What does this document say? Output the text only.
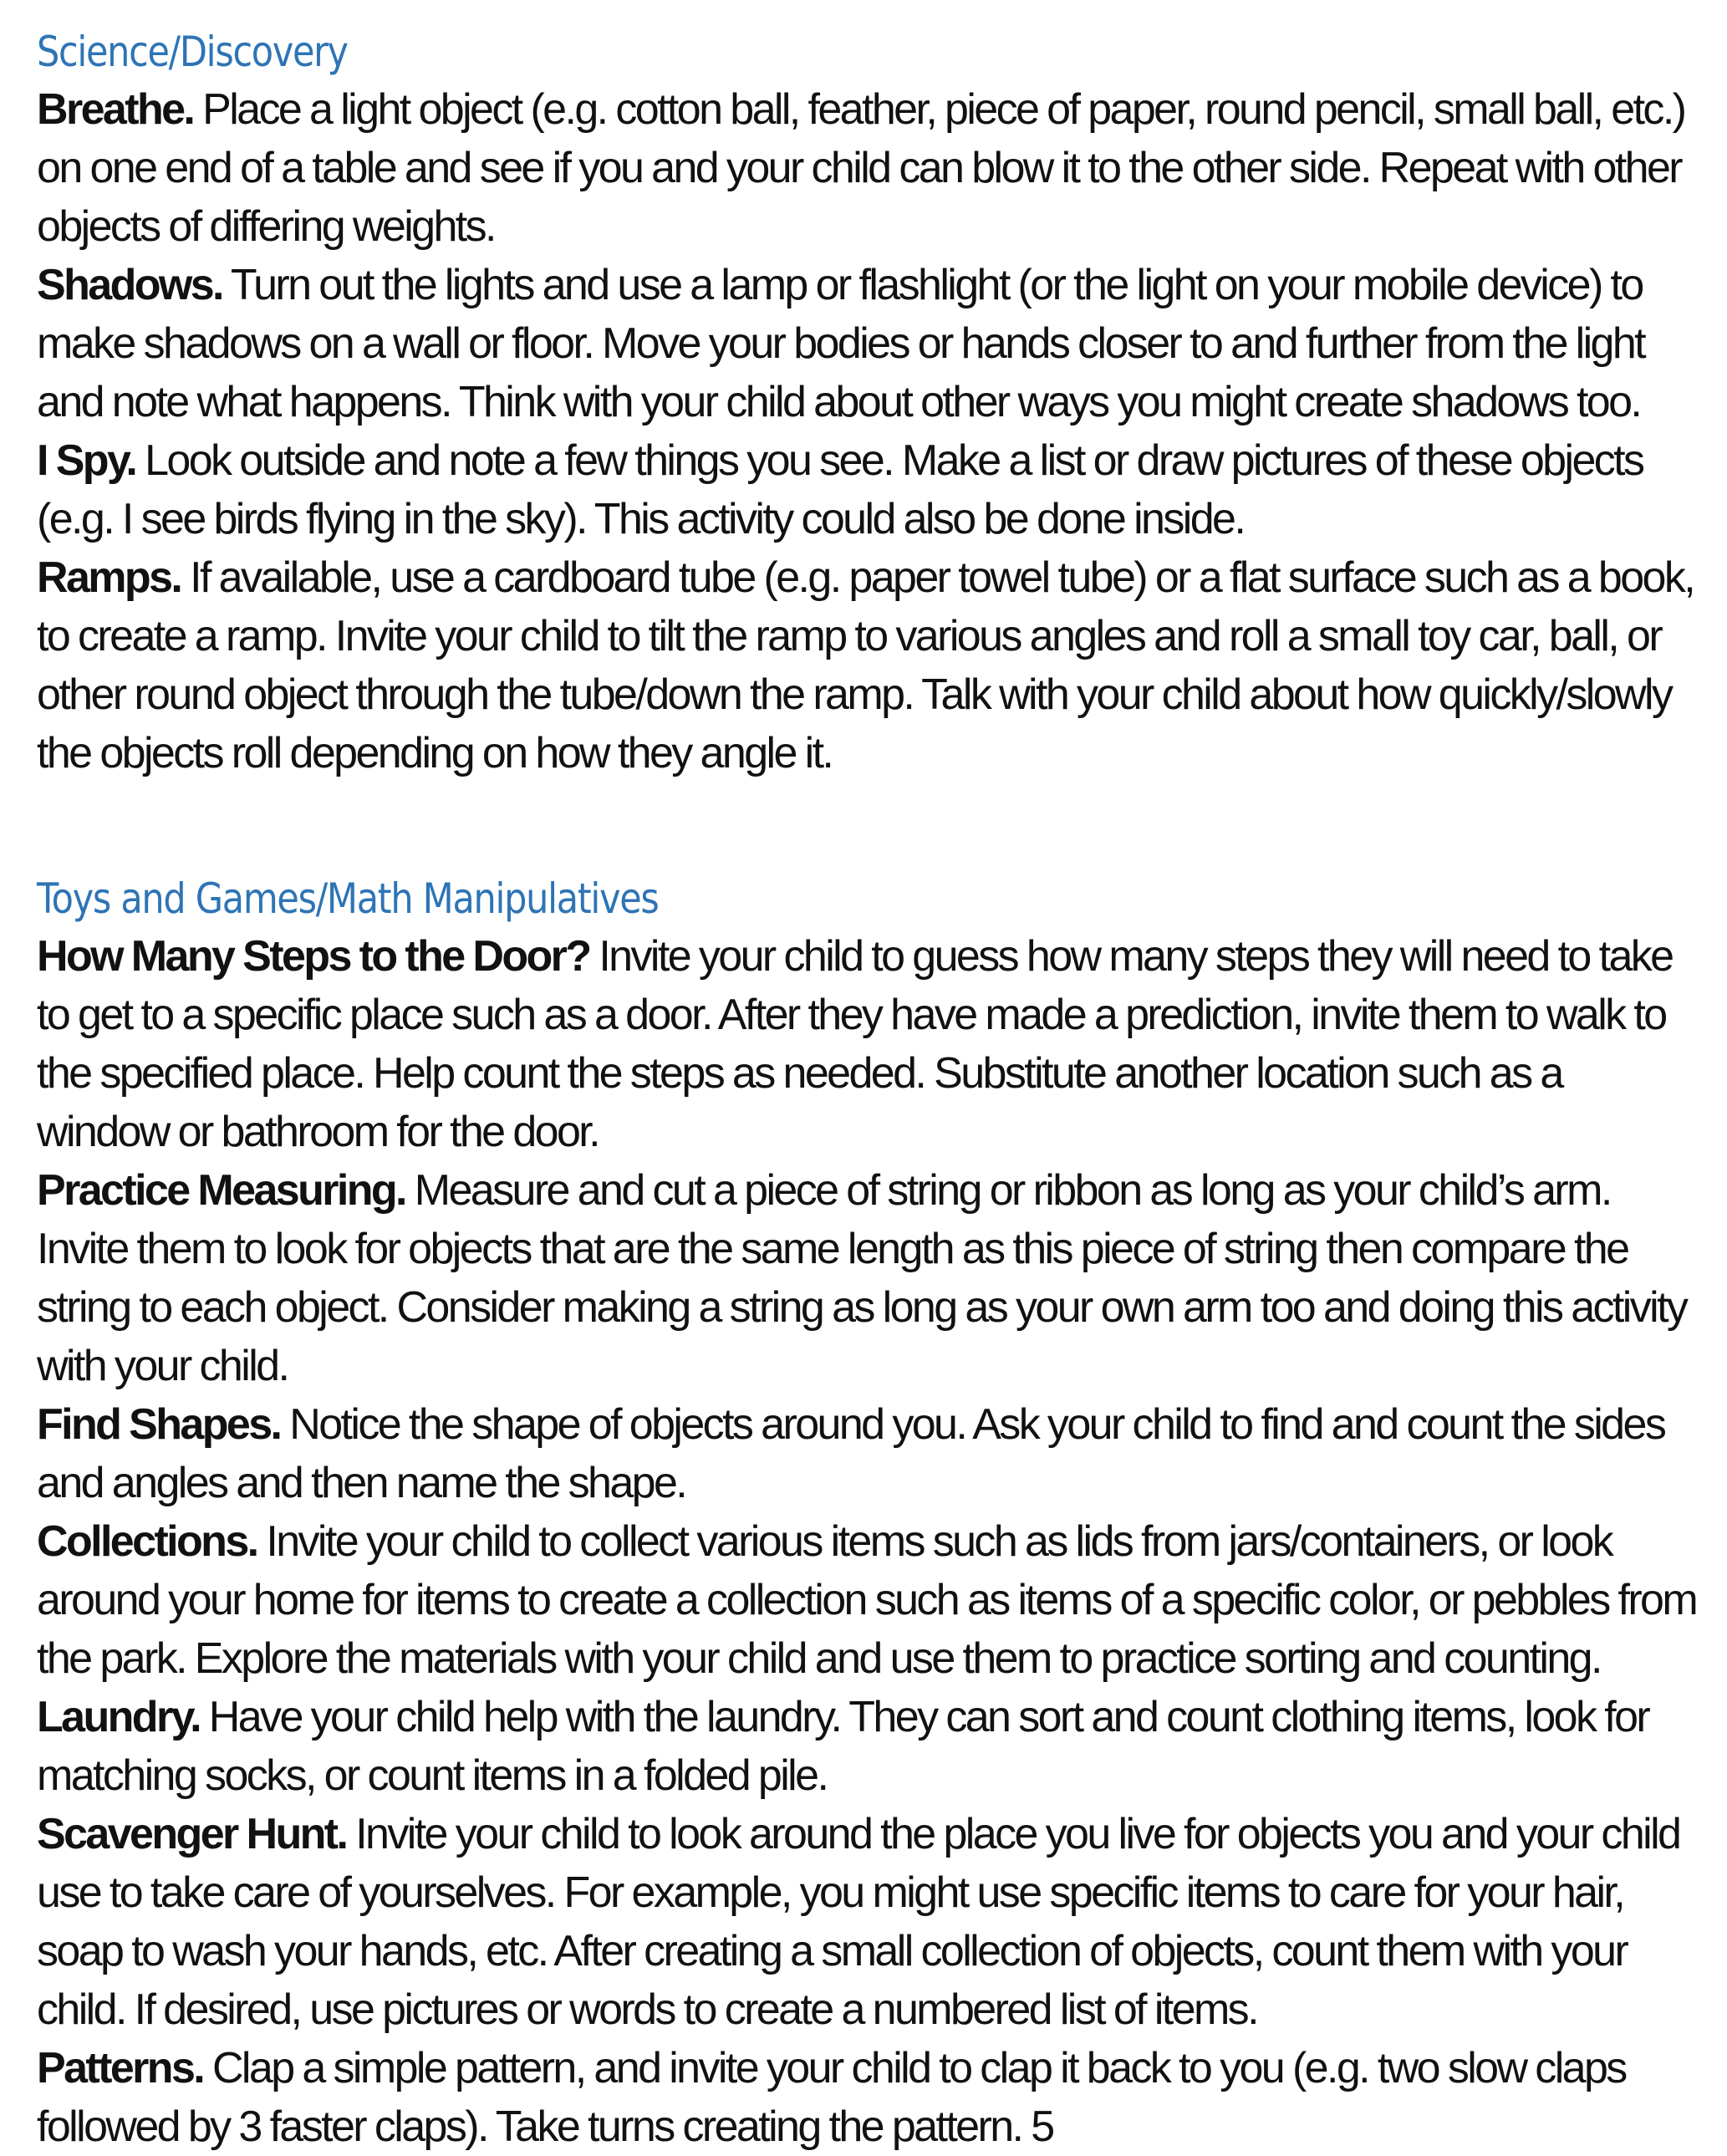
Science/Discovery

Breathe. Place a light object (e.g. cotton ball, feather, piece of paper, round pencil, small ball, etc.) on one end of a table and see if you and your child can blow it to the other side. Repeat with other objects of differing weights.

Shadows. Turn out the lights and use a lamp or flashlight (or the light on your mobile device) to make shadows on a wall or floor. Move your bodies or hands closer to and further from the light and note what happens. Think with your child about other ways you might create shadows too.

I Spy. Look outside and note a few things you see. Make a list or draw pictures of these objects (e.g. I see birds flying in the sky). This activity could also be done inside.

Ramps. If available, use a cardboard tube (e.g. paper towel tube) or a flat surface such as a book, to create a ramp. Invite your child to tilt the ramp to various angles and roll a small toy car, ball, or other round object through the tube/down the ramp. Talk with your child about how quickly/slowly the objects roll depending on how they angle it.

Toys and Games/Math Manipulatives

How Many Steps to the Door? Invite your child to guess how many steps they will need to take to get to a specific place such as a door. After they have made a prediction, invite them to walk to the specified place. Help count the steps as needed. Substitute another location such as a window or bathroom for the door.

Practice Measuring. Measure and cut a piece of string or ribbon as long as your child’s arm. Invite them to look for objects that are the same length as this piece of string then compare the string to each object. Consider making a string as long as your own arm too and doing this activity with your child.

Find Shapes. Notice the shape of objects around you. Ask your child to find and count the sides and angles and then name the shape.

Collections. Invite your child to collect various items such as lids from jars/containers, or look around your home for items to create a collection such as items of a specific color, or pebbles from the park. Explore the materials with your child and use them to practice sorting and counting.

Laundry. Have your child help with the laundry. They can sort and count clothing items, look for matching socks, or count items in a folded pile.

Scavenger Hunt. Invite your child to look around the place you live for objects you and your child use to take care of yourselves. For example, you might use specific items to care for your hair, soap to wash your hands, etc. After creating a small collection of objects, count them with your child. If desired, use pictures or words to create a numbered list of items.

Patterns. Clap a simple pattern, and invite your child to clap it back to you (e.g. two slow claps followed by 3 faster claps). Take turns creating the pattern. 5
